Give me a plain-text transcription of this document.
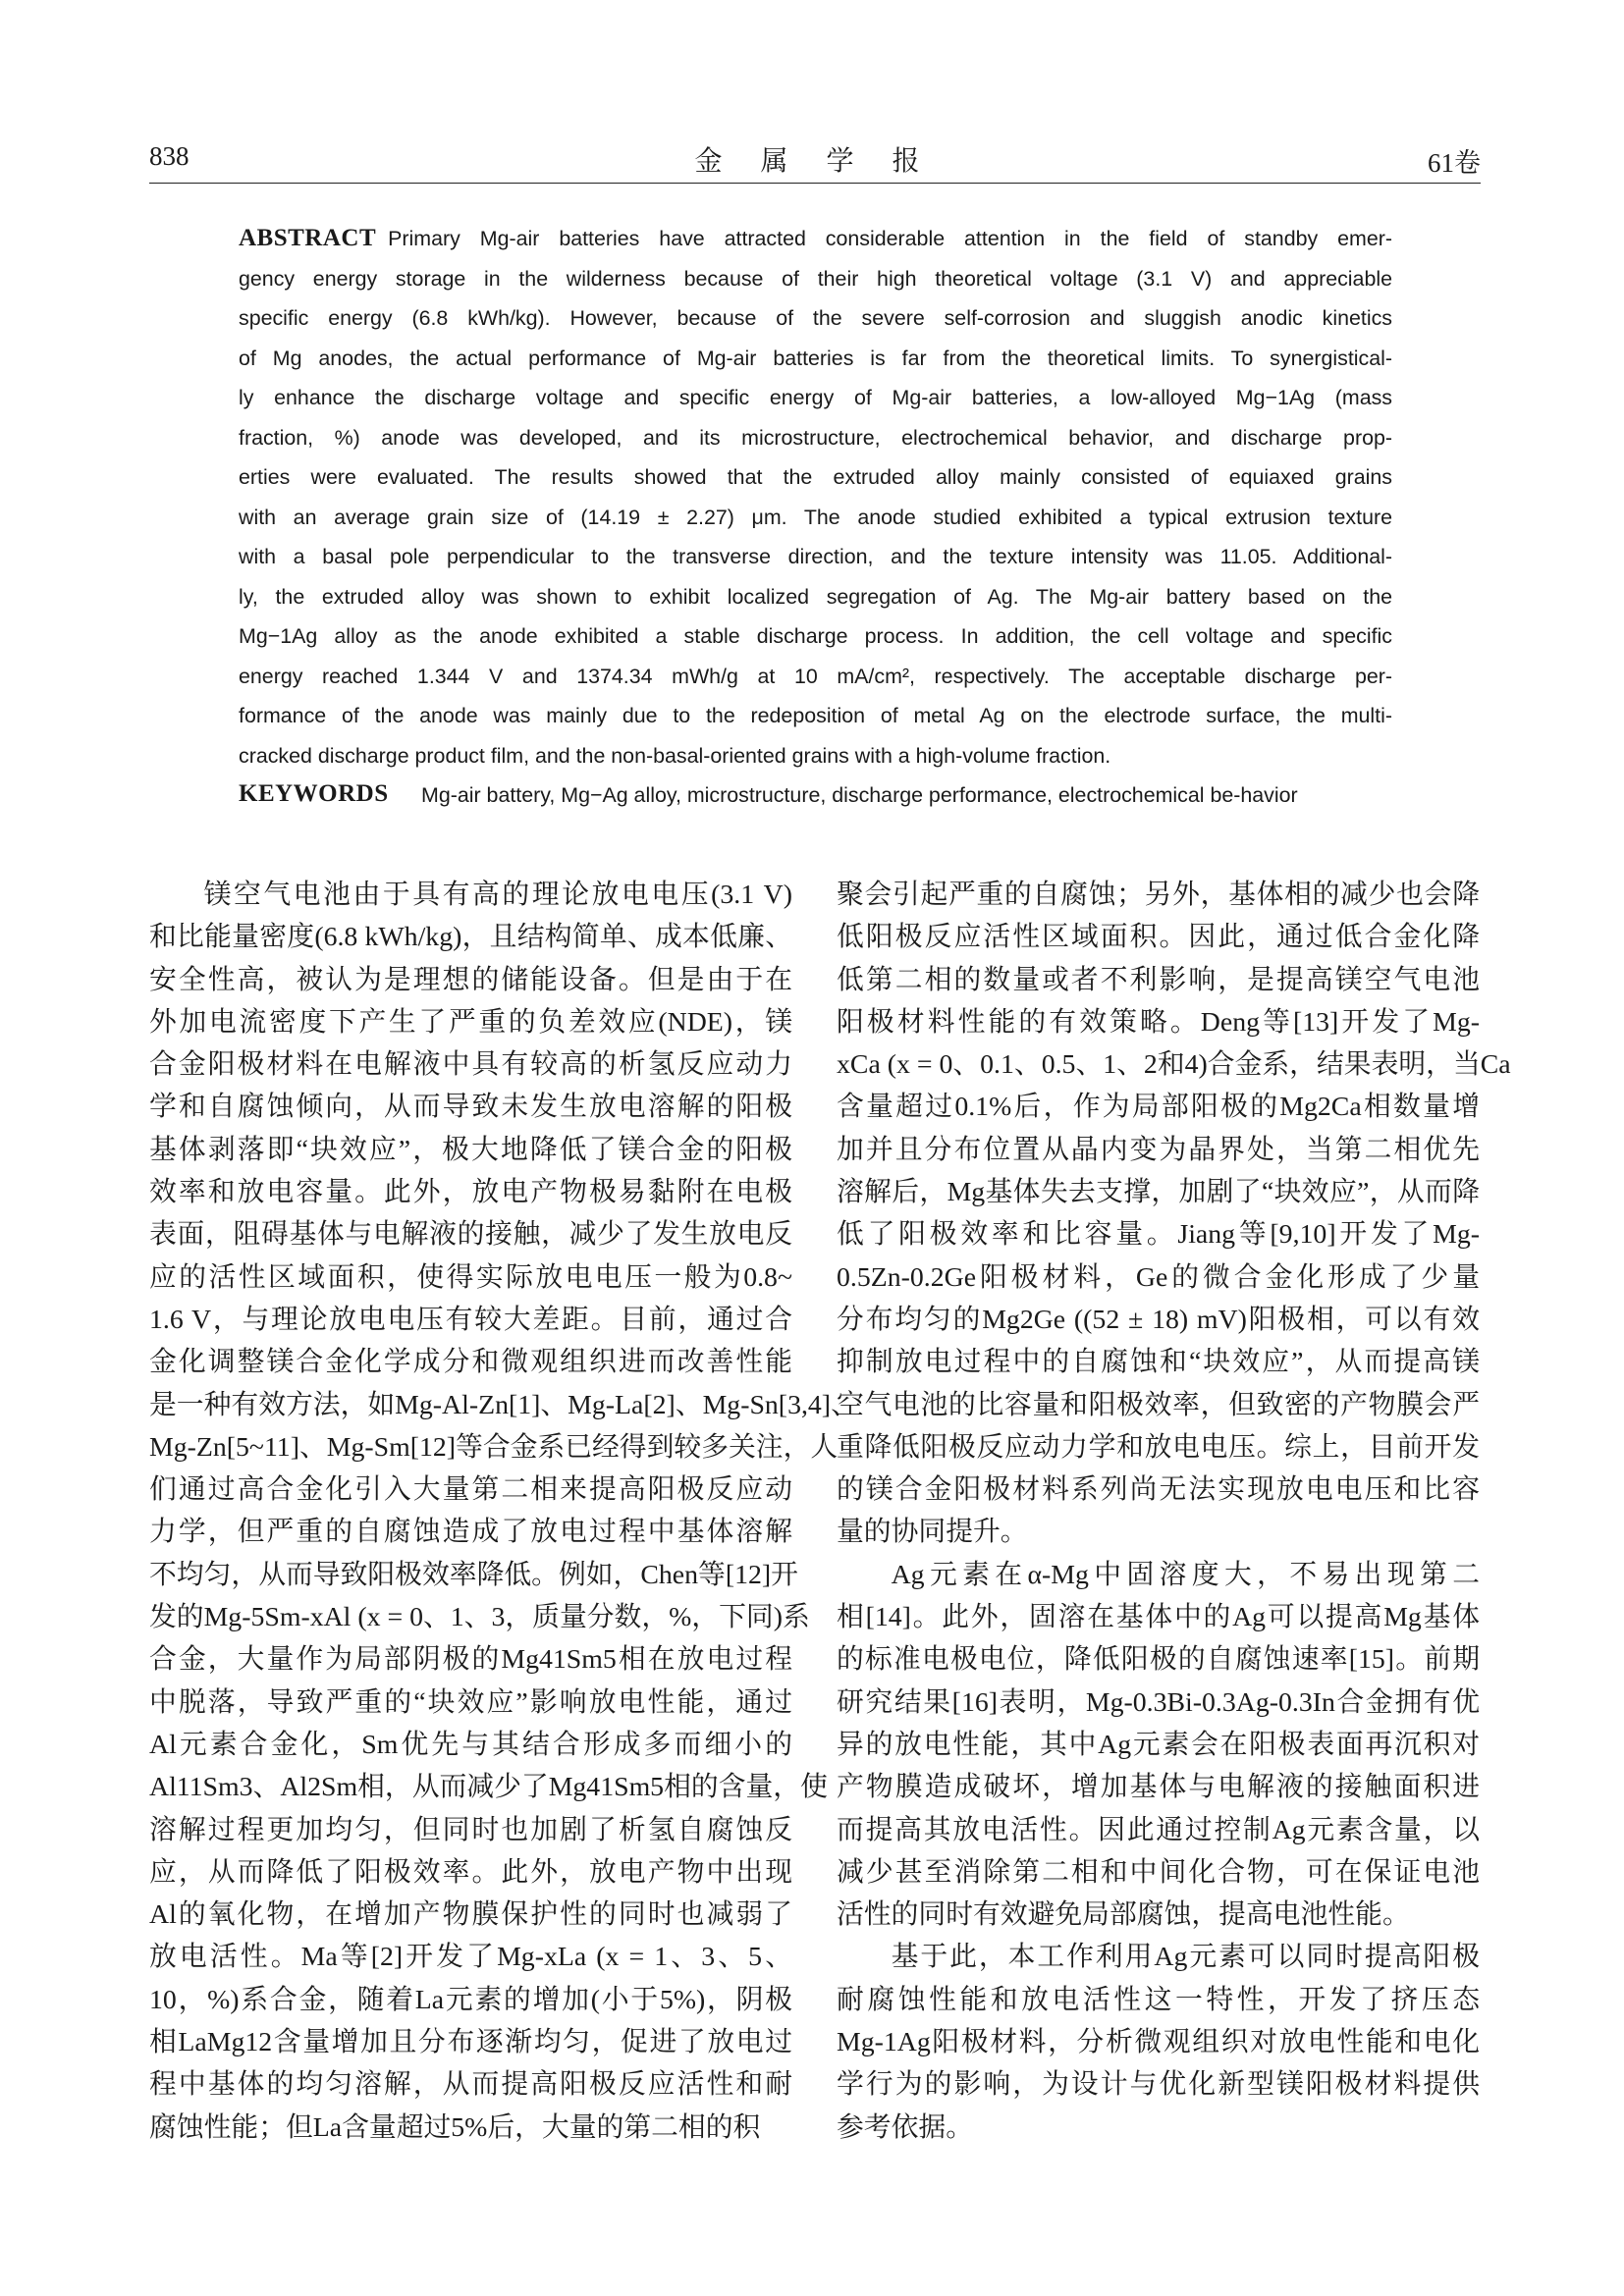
838	金 属 学 报	61卷
ABSTRACT Primary Mg-air batteries have attracted considerable attention in the field of standby emer-
gency energy storage in the wilderness because of their high theoretical voltage (3.1 V) and appreciable
specific energy (6.8 kWh/kg). However, because of the severe self-corrosion and sluggish anodic kinetics
of Mg anodes, the actual performance of Mg-air batteries is far from the theoretical limits. To synergistical-
ly enhance the discharge voltage and specific energy of Mg-air batteries, a low-alloyed Mg−1Ag (mass
fraction, %) anode was developed, and its microstructure, electrochemical behavior, and discharge prop-
erties were evaluated. The results showed that the extruded alloy mainly consisted of equiaxed grains
with an average grain size of (14.19 ± 2.27) μm. The anode studied exhibited a typical extrusion texture
with a basal pole perpendicular to the transverse direction, and the texture intensity was 11.05. Additional-
ly, the extruded alloy was shown to exhibit localized segregation of Ag. The Mg-air battery based on the
Mg−1Ag alloy as the anode exhibited a stable discharge process. In addition, the cell voltage and specific
energy reached 1.344 V and 1374.34 mWh/g at 10 mA/cm², respectively. The acceptable discharge per-
formance of the anode was mainly due to the redeposition of metal Ag on the electrode surface, the multi-
cracked discharge product film, and the non-basal-oriented grains with a high-volume fraction.
KEYWORDS Mg-air battery, Mg−Ag alloy, microstructure, discharge performance, electrochemical be-havior
镁空气电池由于具有高的理论放电电压(3.1 V)
和比能量密度(6.8 kWh/kg)，且结构简单、成本低廉、
安全性高，被认为是理想的储能设备。但是由于在
外加电流密度下产生了严重的负差效应(NDE)，镁
合金阳极材料在电解液中具有较高的析氢反应动力
学和自腐蚀倾向，从而导致未发生放电溶解的阳极
基体剥落即“块效应”，极大地降低了镁合金的阳极
效率和放电容量。此外，放电产物极易黏附在电极
表面，阻碍基体与电解液的接触，减少了发生放电反
应的活性区域面积，使得实际放电电压一般为0.8~
1.6 V，与理论放电电压有较大差距。目前，通过合
金化调整镁合金化学成分和微观组织进而改善性能
是一种有效方法，如Mg-Al-Zn[1]、Mg-La[2]、Mg-Sn[3,4]、
Mg-Zn[5~11]、Mg-Sm[12]等合金系已经得到较多关注，人
们通过高合金化引入大量第二相来提高阳极反应动
力学，但严重的自腐蚀造成了放电过程中基体溶解
不均匀，从而导致阳极效率降低。例如，Chen等[12]开
发的Mg-5Sm-xAl (x = 0、1、3，质量分数，%，下同)系
合金，大量作为局部阴极的Mg41Sm5相在放电过程
中脱落，导致严重的“块效应”影响放电性能，通过
Al元素合金化，Sm优先与其结合形成多而细小的
Al11Sm3、Al2Sm相，从而减少了Mg41Sm5相的含量，使
溶解过程更加均匀，但同时也加剧了析氢自腐蚀反
应，从而降低了阳极效率。此外，放电产物中出现
Al的氧化物，在增加产物膜保护性的同时也减弱了
放电活性。Ma等[2]开发了Mg-xLa (x = 1、3、5、
10，%)系合金，随着La元素的增加(小于5%)，阴极
相LaMg12含量增加且分布逐渐均匀，促进了放电过
程中基体的均匀溶解，从而提高阳极反应活性和耐
腐蚀性能；但La含量超过5%后，大量的第二相的积
聚会引起严重的自腐蚀；另外，基体相的减少也会降
低阳极反应活性区域面积。因此，通过低合金化降
低第二相的数量或者不利影响，是提高镁空气电池
阳极材料性能的有效策略。Deng等[13]开发了Mg-
xCa (x = 0、0.1、0.5、1、2和4)合金系，结果表明，当Ca
含量超过0.1%后，作为局部阳极的Mg2Ca相数量增
加并且分布位置从晶内变为晶界处，当第二相优先
溶解后，Mg基体失去支撑，加剧了“块效应”，从而降
低了阳极效率和比容量。Jiang等[9,10]开发了Mg-
0.5Zn-0.2Ge阳极材料，Ge的微合金化形成了少量
分布均匀的Mg2Ge ((52 ± 18) mV)阳极相，可以有效
抑制放电过程中的自腐蚀和“块效应”，从而提高镁
空气电池的比容量和阳极效率，但致密的产物膜会严
重降低阳极反应动力学和放电电压。综上，目前开发
的镁合金阳极材料系列尚无法实现放电电压和比容
量的协同提升。
Ag元素在α-Mg中固溶度大，不易出现第二
相[14]。此外，固溶在基体中的Ag可以提高Mg基体
的标准电极电位，降低阳极的自腐蚀速率[15]。前期
研究结果[16]表明，Mg-0.3Bi-0.3Ag-0.3In合金拥有优
异的放电性能，其中Ag元素会在阳极表面再沉积对
产物膜造成破坏，增加基体与电解液的接触面积进
而提高其放电活性。因此通过控制Ag元素含量，以
减少甚至消除第二相和中间化合物，可在保证电池
活性的同时有效避免局部腐蚀，提高电池性能。
基于此，本工作利用Ag元素可以同时提高阳极
耐腐蚀性能和放电活性这一特性，开发了挤压态
Mg-1Ag阳极材料，分析微观组织对放电性能和电化
学行为的影响，为设计与优化新型镁阳极材料提供
参考依据。
